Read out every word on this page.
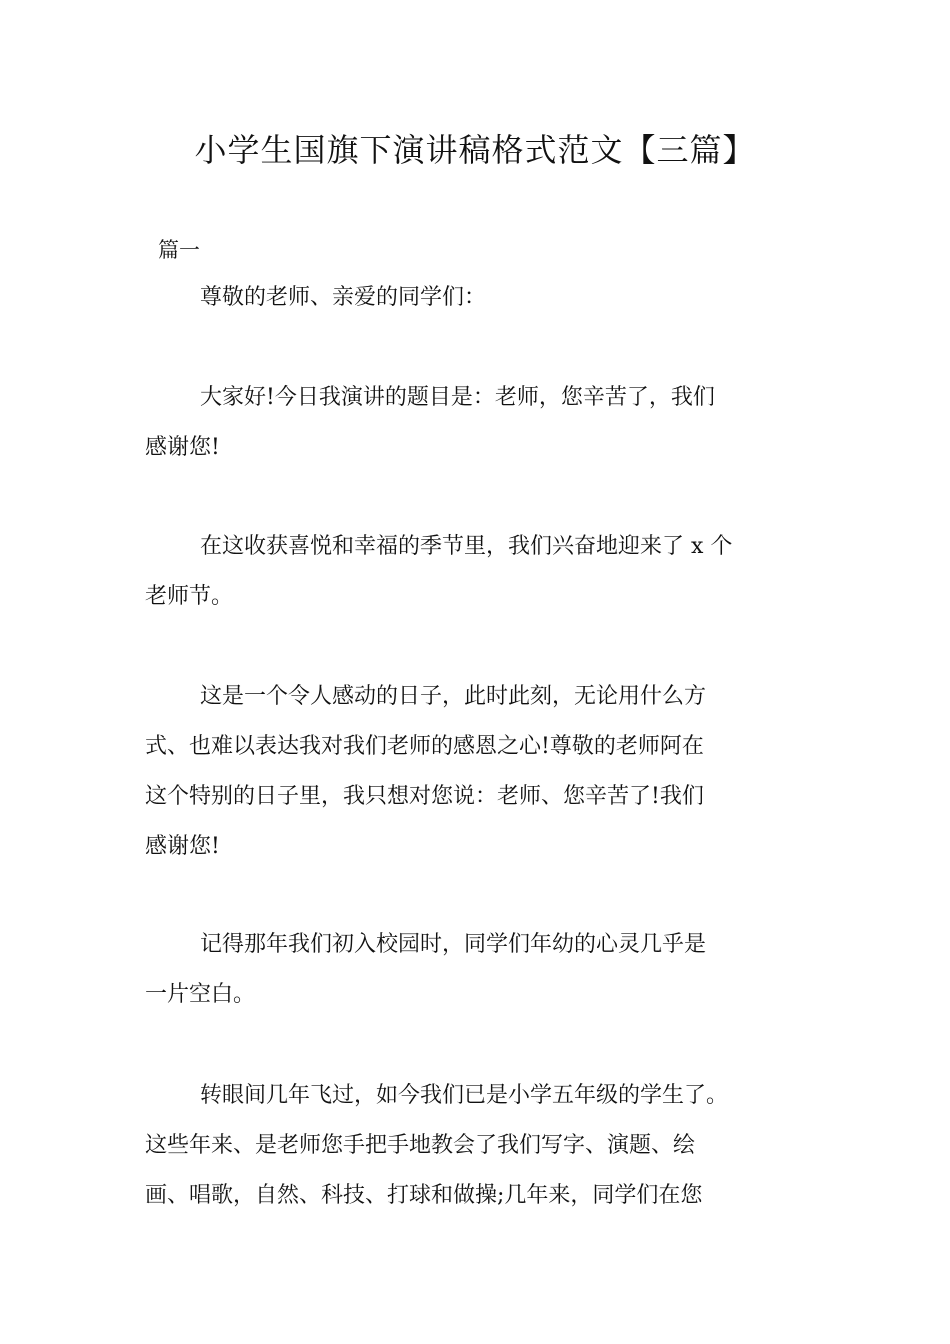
小学生国旗下演讲稿格式范文【三篇】
篇一
尊敬的老师、亲爱的同学们：
大家好!今日我演讲的题目是：老师，您辛苦了，我们
感谢您!
在这收获喜悦和幸福的季节里，我们兴奋地迎来了 x 个
老师节。
这是一个令人感动的日子，此时此刻，无论用什么方
式、也难以表达我对我们老师的感恩之心!尊敬的老师阿在
这个特别的日子里，我只想对您说：老师、您辛苦了!我们
感谢您!
记得那年我们初入校园时，同学们年幼的心灵几乎是
一片空白。
转眼间几年飞过，如今我们已是小学五年级的学生了。
这些年来、是老师您手把手地教会了我们写字、演题、绘
画、唱歌，自然、科技、打球和做操;几年来，同学们在您
